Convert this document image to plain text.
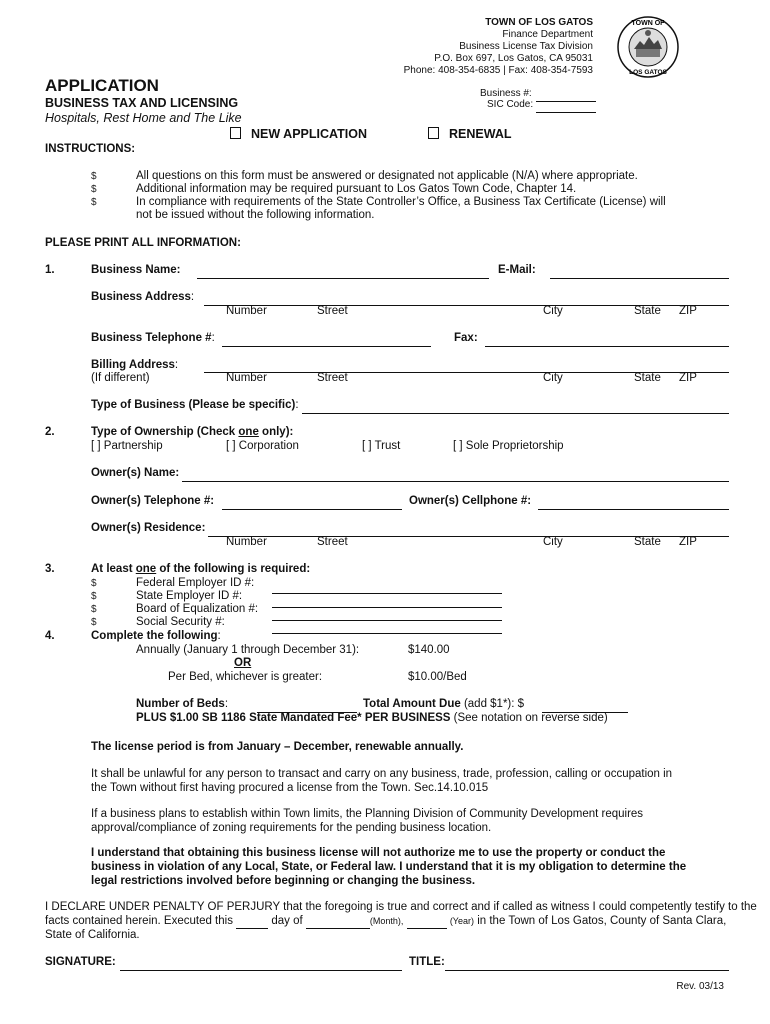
TOWN OF LOS GATOS
Finance Department
Business License Tax Division
P.O. Box 697, Los Gatos, CA 95031
Phone: 408-354-6835 | Fax: 408-354-7593
TOWN OF
LOS GATOS
APPLICATION
BUSINESS TAX AND LICENSING
Hospitals, Rest Home and The Like
Business #:
SIC Code:
NEW APPLICATION	RENEWAL
INSTRUCTIONS:
$
$
$
All questions on this form must be answered or designated not applicable (N/A) where appropriate.
Additional information may be required pursuant to Los Gatos Town Code, Chapter 14.
In compliance with requirements of the State Controller’s Office, a Business Tax Certificate (License) will
not be issued without the following information.
PLEASE PRINT ALL INFORMATION:
1.	Business Name:	E-Mail:
Business Address:
Number	Street	City	State ZIP
Business Telephone #:	Fax:
Billing Address:
(If different)	Number	Street	City	State ZIP
Type of Business (Please be specific):
2.	Type of Ownership (Check one only):
[ ] Partnership	[ ] Corporation	[ ] Trust	[ ] Sole Proprietorship
Owner(s) Name:
Owner(s) Telephone #:	Owner(s) Cellphone #:
Owner(s) Residence:
Number	Street	City	State ZIP
3.	At least one of the following is required:
$
$
$
$
Federal Employer ID #:
State Employer ID #:
Board of Equalization #:
Social Security #:
4.	Complete the following:
Annually (January 1 through December 31):	$140.00
OR
Per Bed, whichever is greater:	$10.00/Bed
Number of Beds:	Total Amount Due (add $1*): $
PLUS $1.00 SB 1186 State Mandated Fee* PER BUSINESS (See notation on reverse side)
The license period is from January – December, renewable annually.
It shall be unlawful for any person to transact and carry on any business, trade, profession, calling or occupation in the Town without first having procured a license from the Town. Sec.14.10.015
If a business plans to establish within Town limits, the Planning Division of Community Development requires approval/compliance of zoning requirements for the pending business location.
I understand that obtaining this business license will not authorize me to use the property or conduct the business in violation of any Local, State, or Federal law. I understand that it is my obligation to determine the legal restrictions involved before beginning or changing the business.
I DECLARE UNDER PENALTY OF PERJURY that the foregoing is true and correct and if called as witness I could competently testify to the
facts contained herein. Executed this	day of	(Month),	(Year) in the Town of Los Gatos, County of Santa Clara,
State of California.
SIGNATURE:	TITLE:
Rev. 03/13
